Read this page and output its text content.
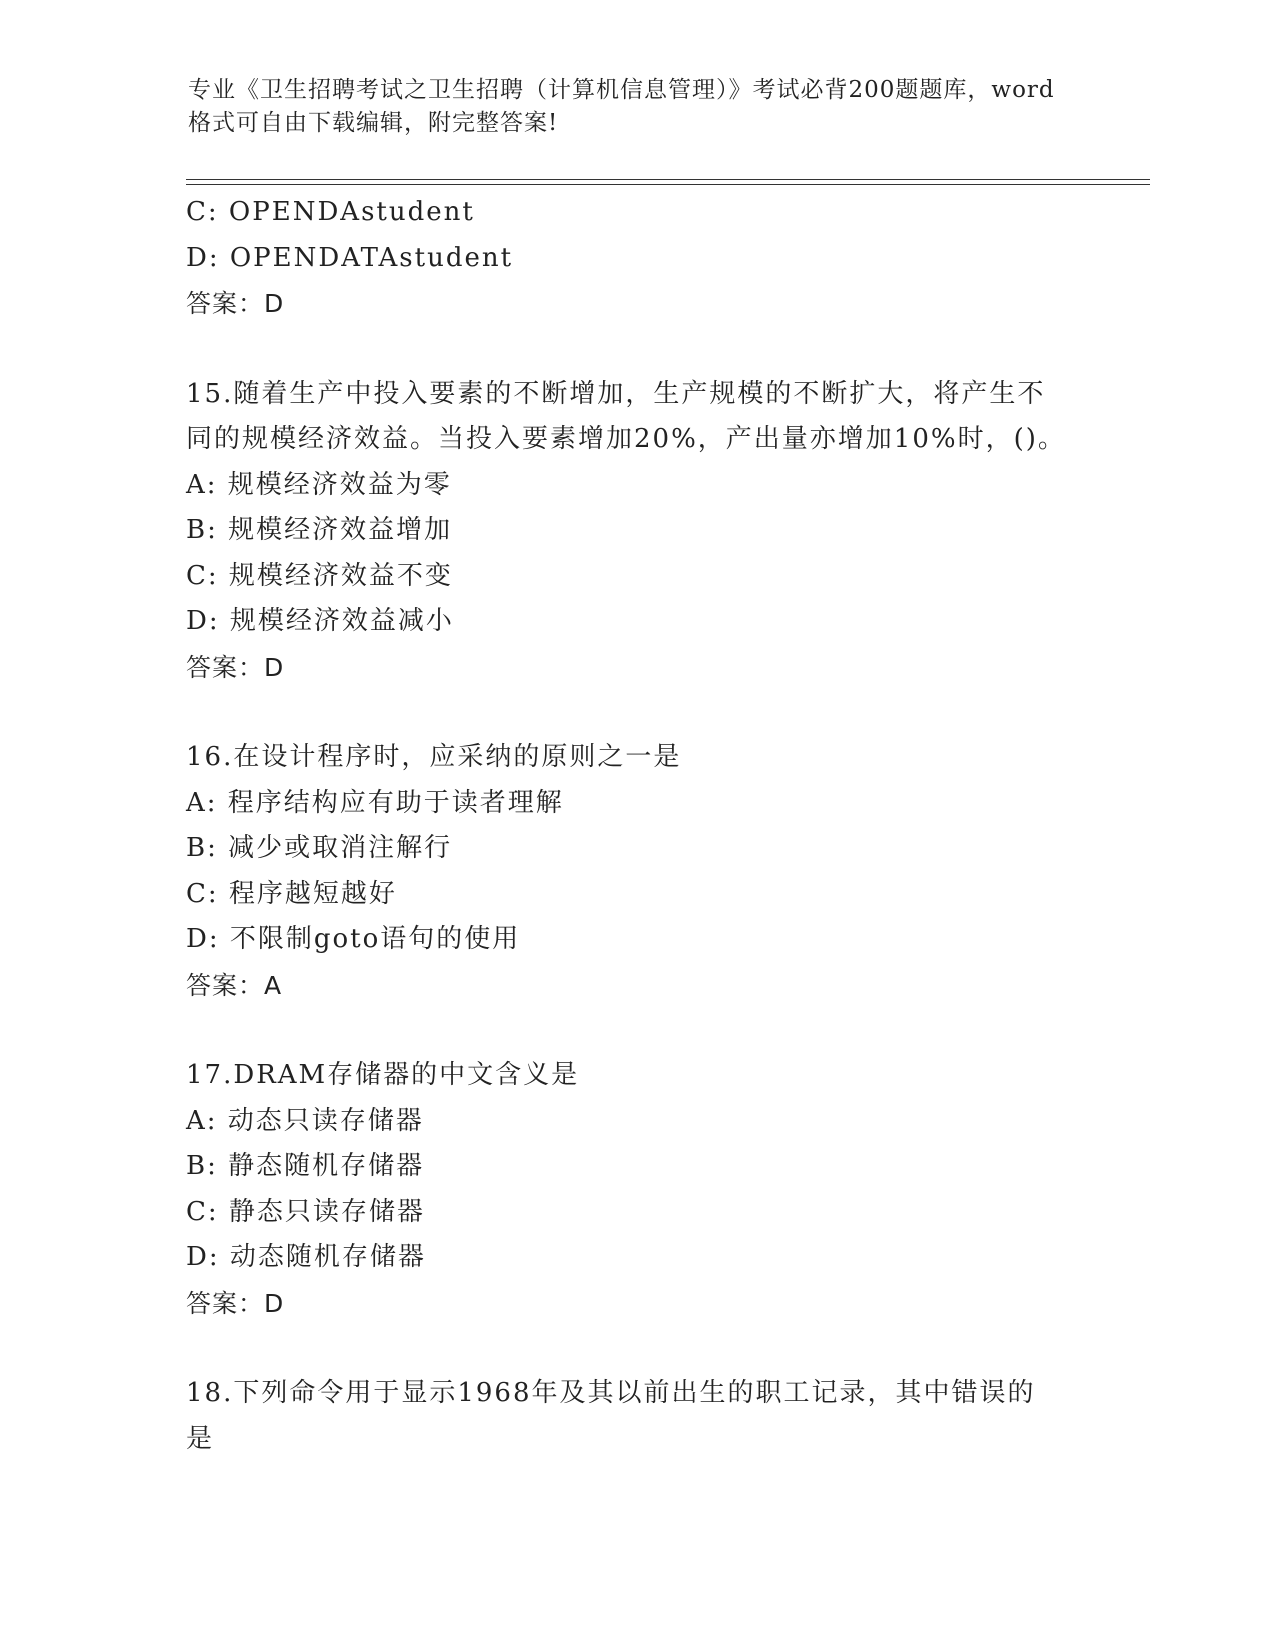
专业《卫生招聘考试之卫生招聘（计算机信息管理）》考试必背200题题库，word
格式可自由下载编辑，附完整答案!
C: OPENDAstudent
D: OPENDATAstudent
答案：D
15.随着生产中投入要素的不断增加，生产规模的不断扩大，将产生不
同的规模经济效益。当投入要素增加20%，产出量亦增加10%时，()。
A: 规模经济效益为零
B: 规模经济效益增加
C: 规模经济效益不变
D: 规模经济效益减小
答案：D
16.在设计程序时，应采纳的原则之一是
A: 程序结构应有助于读者理解
B: 减少或取消注解行
C: 程序越短越好
D: 不限制goto语句的使用
答案：A
17.DRAM存储器的中文含义是
A: 动态只读存储器
B: 静态随机存储器
C: 静态只读存储器
D: 动态随机存储器
答案：D
18.下列命令用于显示1968年及其以前出生的职工记录，其中错误的
是
